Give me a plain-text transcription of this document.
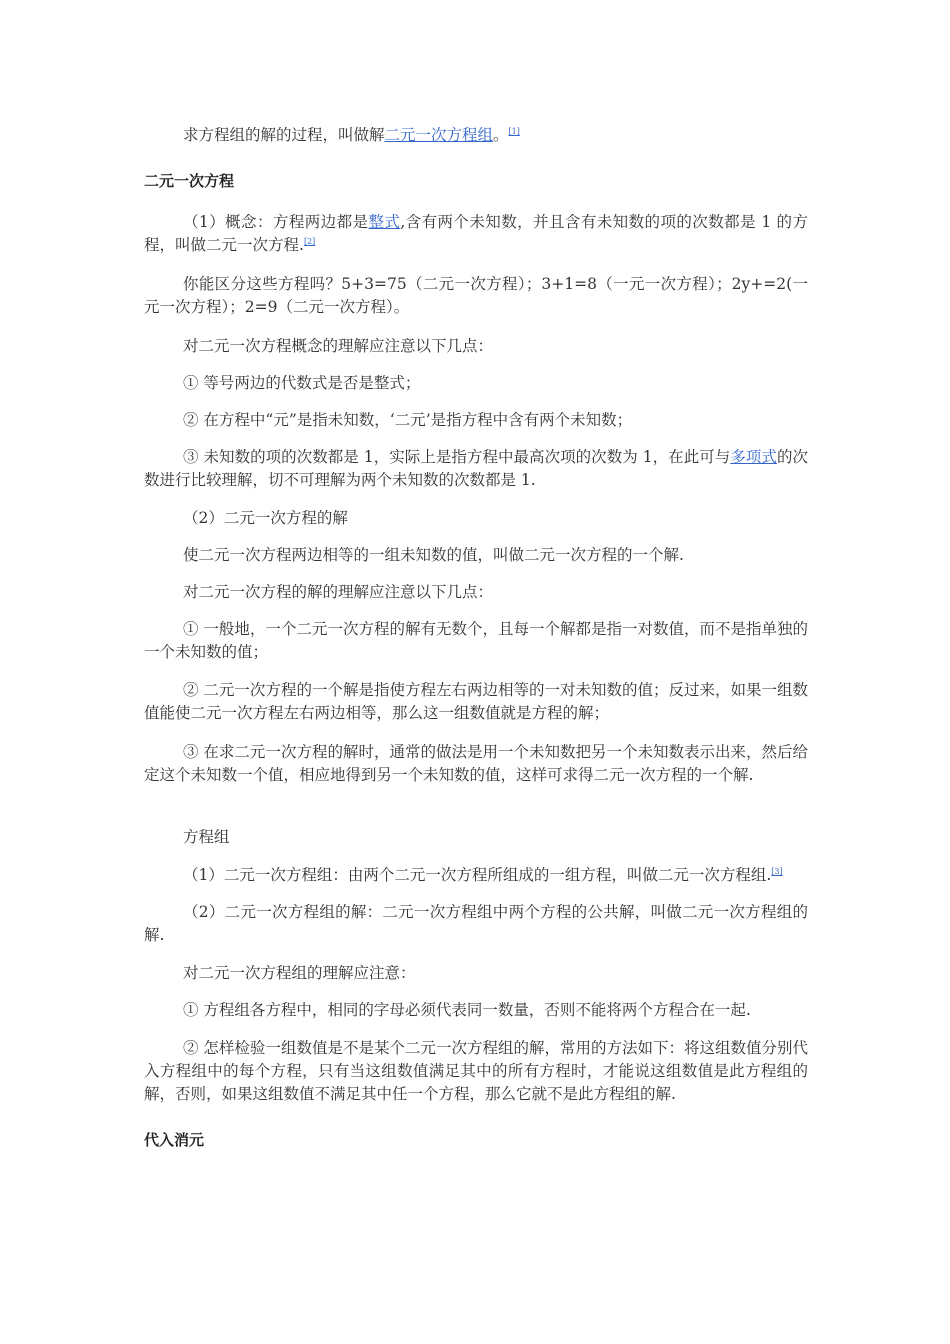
求方程组的解的过程，叫做解二元一次方程组。[1]

二元一次方程

（1）概念：方程两边都是整式,含有两个未知数，并且含有未知数的项的次数都是 1 的方程，叫做二元一次方程.[2]

你能区分这些方程吗？5+3=75（二元一次方程）；3+1=8（一元一次方程）；2y+=2(一元一次方程）；2=9（二元一次方程）。

对二元一次方程概念的理解应注意以下几点：

① 等号两边的代数式是否是整式；

② 在方程中“元”是指未知数，‘二元’是指方程中含有两个未知数；

③ 未知数的项的次数都是 1，实际上是指方程中最高次项的次数为 1，在此可与多项式的次数进行比较理解，切不可理解为两个未知数的次数都是 1.

（2）二元一次方程的解

使二元一次方程两边相等的一组未知数的值，叫做二元一次方程的一个解.

对二元一次方程的解的理解应注意以下几点：

① 一般地，一个二元一次方程的解有无数个，且每一个解都是指一对数值，而不是指单独的一个未知数的值；

② 二元一次方程的一个解是指使方程左右两边相等的一对未知数的值；反过来，如果一组数值能使二元一次方程左右两边相等，那么这一组数值就是方程的解；

③ 在求二元一次方程的解时，通常的做法是用一个未知数把另一个未知数表示出来，然后给定这个未知数一个值，相应地得到另一个未知数的值，这样可求得二元一次方程的一个解.

方程组

（1）二元一次方程组：由两个二元一次方程所组成的一组方程，叫做二元一次方程组.[3]

（2）二元一次方程组的解：二元一次方程组中两个方程的公共解，叫做二元一次方程组的解.

对二元一次方程组的理解应注意：

① 方程组各方程中，相同的字母必须代表同一数量，否则不能将两个方程合在一起.

② 怎样检验一组数值是不是某个二元一次方程组的解，常用的方法如下：将这组数值分别代入方程组中的每个方程，只有当这组数值满足其中的所有方程时，才能说这组数值是此方程组的解，否则，如果这组数值不满足其中任一个方程，那么它就不是此方程组的解.

代入消元
